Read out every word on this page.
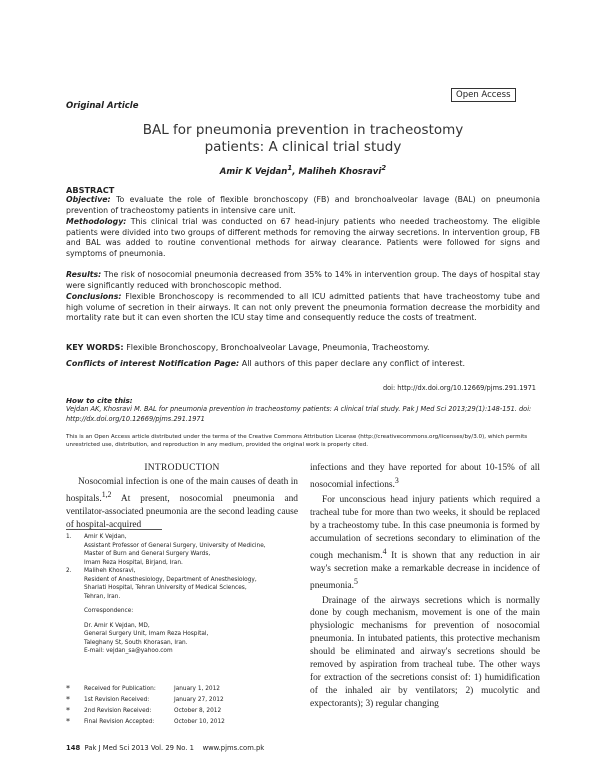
Open Access
Original Article
BAL for pneumonia prevention in tracheostomy
patients: A clinical trial study
Amir K Vejdan$^1$, Maliheh Khosravi$^2$
ABSTRACT
Objective: To evaluate the role of flexible bronchoscopy (FB) and bronchoalveolar lavage (BAL) on pneumonia prevention of tracheostomy patients in intensive care unit.
Methodology: This clinical trial was conducted on 67 head-injury patients who needed tracheostomy. The eligible patients were divided into two groups of different methods for removing the airway secretions. In intervention group, FB and BAL was added to routine conventional methods for airway clearance. Patients were followed for signs and symptoms of pneumonia.
Results: The risk of nosocomial pneumonia decreased from 35% to 14% in intervention group. The days of hospital stay were significantly reduced with bronchoscopic method.
Conclusions: Flexible Bronchoscopy is recommended to all ICU admitted patients that have tracheostomy tube and high volume of secretion in their airways. It can not only prevent the pneumonia formation decrease the morbidity and mortality rate but it can even shorten the ICU stay time and consequently reduce the costs of treatment.
KEY WORDS: Flexible Bronchoscopy, Bronchoalveolar Lavage, Pneumonia, Tracheostomy.
Conflicts of interest Notification Page: All authors of this paper declare any conflict of interest.
doi: http://dx.doi.org/10.12669/pjms.291.1971
How to cite this:
Vejdan AK, Khosravi M. BAL for pneumonia prevention in tracheostomy patients: A clinical trial study. Pak J Med Sci 2013;29(1):148-151. doi: http://dx.doi.org/10.12669/pjms.291.1971
This is an Open Access article distributed under the terms of the Creative Commons Attribution License (http://creativecommons.org/licenses/by/3.0), which permits unrestricted use, distribution, and reproduction in any medium, provided the original work is properly cited.
INTRODUCTION

Nosocomial infection is one of the main causes of death in hospitals.$^{1,2}$ At present, nosocomial pneumonia and ventilator-associated pneumonia are the second leading cause of hospital-acquired

1.	Amir K Vejdan,
Assistant Professor of General Surgery, University of Medicine,
Master of Burn and General Surgery Wards,
Imam Reza Hospital, Birjand, Iran.
2.	Maliheh Khosravi,
Resident of Anesthesiology, Department of Anesthesiology,
Shariati Hospital, Tehran University of Medical Sciences,
Tehran, Iran.
Correspondence:
Dr. Amir K Vejdan, MD,
General Surgery Unit, Imam Reza Hospital,
Taleghany St, South Khorasan, Iran.
E-mail: vejdan_sa@yahoo.com
*	Received for Publication:	January 1, 2012
*	1st Revision Received:	January 27, 2012
*	2nd Revision Received:	October 8, 2012
*	Final Revision Accepted:	October 10, 2012

infections and they have reported for about 10-15% of all nosocomial infections.$^3$

For unconscious head injury patients which required a tracheal tube for more than two weeks, it should be replaced by a tracheostomy tube. In this case pneumonia is formed by accumulation of secretions secondary to elimination of the cough mechanism.$^4$ It is shown that any reduction in air way's secretion make a remarkable decrease in incidence of pneumonia.$^5$

Drainage of the airways secretions which is normally done by cough mechanism, movement is one of the main physiologic mechanisms for prevention of nosocomial pneumonia. In intubated patients, this protective mechanism should be eliminated and airway's secretions should be removed by aspiration from tracheal tube. The other ways for extraction of the secretions consist of: 1) humidification of the inhaled air by ventilators; 2) mucolytic and expectorants); 3) regular changing

148 Pak J Med Sci 2013 Vol. 29 No. 1 www.pjms.com.pk
